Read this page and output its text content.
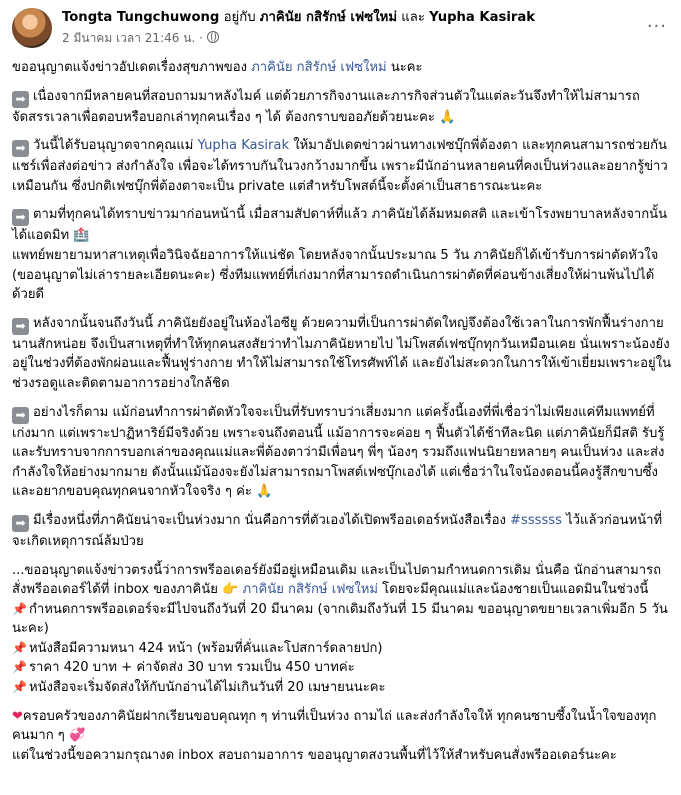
Tongta Tungchuwong อยู่กับ ภาคินัย กสิรักษ์ เฟซใหม่ และ Yupha Kasirak
2 มีนาคม เวลา 21:46 น. ·
···

ขออนุญาตแจ้งข่าวอัปเดตเรื่องสุขภาพของ ภาคินัย กสิรักษ์ เฟซใหม่ นะคะ

➡ เนื่องจากมีหลายคนที่สอบถามมาหลังไมค์ แต่ด้วยภารกิจงานและภารกิจส่วนตัวในแต่ละวันจึงทำให้ไม่สามารถจัดสรรเวลาเพื่อตอบหรือบอกเล่าทุกคนเรื่อง ๆ ได้ ต้องกราบขออภัยด้วยนะคะ 🙏

➡ วันนี้ได้รับอนุญาตจากคุณแม่ Yupha Kasirak ให้มาอัปเดตข่าวผ่านทางเฟซบุ๊กพี่ต้องตา และทุกคนสามารถช่วยกันแชร์เพื่อส่งต่อข่าว ส่งกำลังใจ เพื่อจะได้ทราบกันในวงกว้างมากขึ้น เพราะมีนักอ่านหลายคนที่คงเป็นห่วงและอยากรู้ข่าวเหมือนกัน ซึ่งปกติเฟซบุ๊กพี่ต้องตาจะเป็น private แต่สำหรับโพสต์นี้จะตั้งค่าเป็นสาธารณะนะคะ

➡ ตามที่ทุกคนได้ทราบข่าวมาก่อนหน้านี้ เมื่อสามสัปดาห์ที่แล้ว ภาคินัยได้ล้มหมดสติ และเข้าโรงพยาบาลหลังจากนั้นได้แอดมิท 🏥
แพทย์พยายามหาสาเหตุเพื่อวินิจฉัยอาการให้แน่ชัด โดยหลังจากนั้นประมาณ 5 วัน ภาคินัยก็ได้เข้ารับการผ่าตัดหัวใจ (ขออนุญาตไม่เล่ารายละเอียดนะคะ) ซึ่งทีมแพทย์ที่เก่งมากที่สามารถดำเนินการผ่าตัดที่ค่อนข้างเสี่ยงให้ผ่านพ้นไปได้ด้วยดี

➡ หลังจากนั้นจนถึงวันนี้ ภาคินัยยังอยู่ในห้องไอซียู ด้วยความที่เป็นการผ่าตัดใหญ่จึงต้องใช้เวลาในการพักฟื้นร่างกายนานสักหน่อย จึงเป็นสาเหตุที่ทำให้ทุกคนสงสัยว่าทำไมภาคินัยหายไป ไม่โพสต์เฟซบุ๊กทุกวันเหมือนเคย นั่นเพราะน้องยังอยู่ในช่วงที่ต้องพักผ่อนและฟื้นฟูร่างกาย ทำให้ไม่สามารถใช้โทรศัพท์ได้ และยังไม่สะดวกในการให้เข้าเยี่ยมเพราะอยู่ในช่วงรอดูและติดตามอาการอย่างใกล้ชิด

➡ อย่างไรก็ตาม แม้ก่อนทำการผ่าตัดหัวใจจะเป็นที่รับทราบว่าเสี่ยงมาก แต่ครั้งนี้เองที่พี่เชื่อว่าไม่เพียงแค่ทีมแพทย์ที่เก่งมาก แต่เพราะปาฏิหาริย์มีจริงด้วย เพราะจนถึงตอนนี้ แม้อาการจะค่อย ๆ ฟื้นตัวได้ช้าทีละนิด แต่ภาคินัยก็มีสติ รับรู้ และรับทราบจากการบอกเล่าของคุณแม่และพี่ต้องตาว่ามีเพื่อนๆ พี่ๆ น้องๆ รวมถึงแฟนนิยายหลายๆ คนเป็นห่วง และส่งกำลังใจให้อย่างมากมาย ดังนั้นแม้น้องจะยังไม่สามารถมาโพสต์เฟซบุ๊กเองได้ แต่เชื่อว่าในใจน้องตอนนี้คงรู้สึกขาบซึ้งและอยากขอบคุณทุกคนจากหัวใจจริง ๆ ค่ะ 🙏

➡ มีเรื่องหนึ่งที่ภาคินัยน่าจะเป็นห่วงมาก นั่นคือการที่ตัวเองได้เปิดพรีออเดอร์หนังสือเรื่อง #ssssss ไว้แล้วก่อนหน้าที่จะเกิดเหตุการณ์ล้มป่วย

...ขออนุญาตแจ้งข่าวตรงนี้ว่าการพรีออเดอร์ยังมีอยู่เหมือนเดิม และเป็นไปตามกำหนดการเดิม นั่นคือ นักอ่านสามารถสั่งพรีออเดอร์ได้ที่ inbox ของภาคินัย 👉 ภาคินัย กสิรักษ์ เฟซใหม่ โดยจะมีคุณแม่และน้องชายเป็นแอดมินในช่วงนี้
📌 กำหนดการพรีออเดอร์จะมีไปจนถึงวันที่ 20 มีนาคม (จากเดิมถึงวันที่ 15 มีนาคม ขออนุญาตขยายเวลาเพิ่มอีก 5 วันนะคะ)
📌 หนังสือมีความหนา 424 หน้า (พร้อมที่คั่นและโปสการ์ดลายปก)
📌 ราคา 420 บาท + ค่าจัดส่ง 30 บาท รวมเป็น 450 บาทค่ะ
📌 หนังสือจะเริ่มจัดส่งให้กับนักอ่านได้ไม่เกินวันที่ 20 เมษายนนะคะ

❤ครอบครัวของภาคินัยฝากเรียนขอบคุณทุก ๆ ท่านที่เป็นห่วง ถามไถ่ และส่งกำลังใจให้ ทุกคนซาบซึ้งในน้ำใจของทุกคนมาก ๆ 💞
แต่ในช่วงนี้ขอความกรุณางด inbox สอบถามอาการ ขออนุญาตสงวนพื้นที่ไว้ให้สำหรับคนสั่งพรีออเดอร์นะคะ
